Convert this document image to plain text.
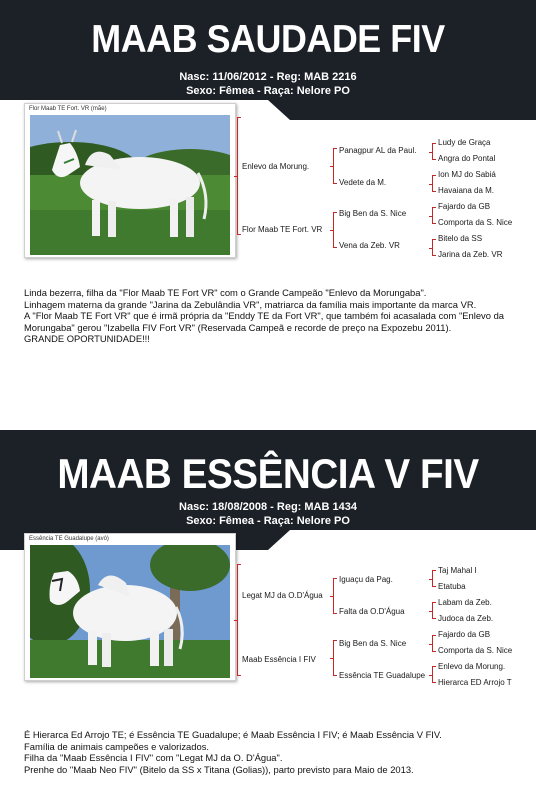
MAAB SAUDADE FIV
Nasc: 11/06/2012 - Reg: MAB 2216
Sexo: Fêmea - Raça: Nelore PO
Flor Maab TE Fort. VR (mãe)
Enlevo da Morung.
Flor Maab TE Fort. VR
Panagpur AL da Paul.
Vedete da M.
Big Ben da S. Nice
Vena da Zeb. VR
Ludy de Graça
Angra do Pontal
Ion MJ do Sabiá
Havaiana da M.
Fajardo da GB
Comporta da S. Nice
Bitelo da SS
Jarina da Zeb. VR

Linda bezerra, filha da "Flor Maab TE Fort VR" com o Grande Campeão "Enlevo da Morungaba".

Linhagem materna da grande "Jarina da Zebulândia VR", matriarca da família mais importante da marca VR.

A "Flor Maab TE Fort VR" que é irmã própria da "Enddy TE da Fort VR", que também foi acasalada com "Enlevo da Morungaba" gerou "Izabella FIV Fort VR" (Reservada Campeã e recorde de preço na Expozebu 2011).

GRANDE OPORTUNIDADE!!!

MAAB ESSÊNCIA V FIV
Nasc: 18/08/2008 - Reg: MAB 1434
Sexo: Fêmea - Raça: Nelore PO
Essência TE Guadalupe (avó)
Legat MJ da O.D'Água
Maab Essência I FIV
Iguaçu da Pag.
Falta da O.D'Água
Big Ben da S. Nice
Essência TE Guadalupe
Taj Mahal I
Etatuba
Labam da Zeb.
Judoca da Zeb.
Fajardo da GB
Comporta da S. Nice
Enlevo da Morung.
Hierarca ED Arrojo T

É Hierarca Ed Arrojo TE; é Essência TE Guadalupe; é Maab Essência I FIV; é Maab Essência V FIV.

Família de animais campeões e valorizados.

Filha da "Maab Essência I FIV" com "Legat MJ da O. D'Água".

Prenhe do "Maab Neo FIV" (Bitelo da SS x Titana (Golias)), parto previsto para Maio de 2013.
